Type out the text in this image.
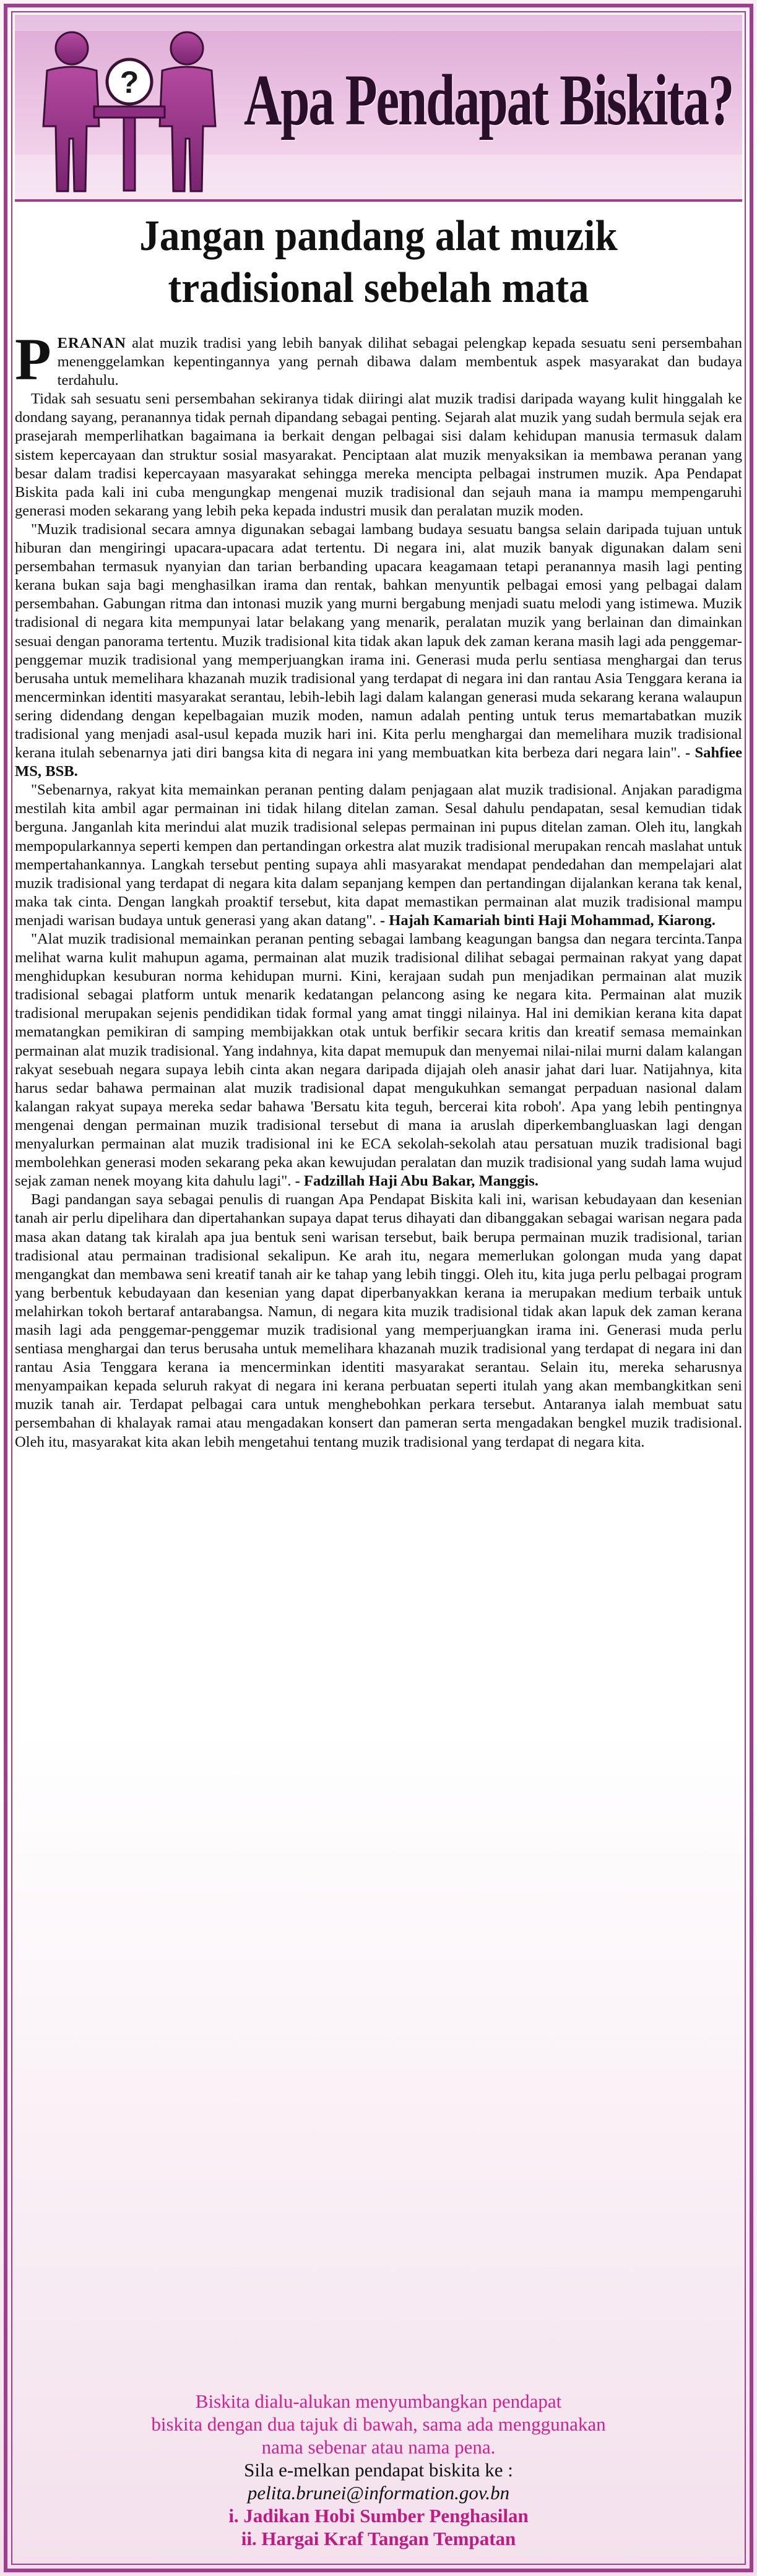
? Apa Pendapat Biskita?
Jangan pandang alat muzik
tradisional sebelah mata

PERANAN alat muzik tradisi yang lebih banyak dilihat sebagai pelengkap kepada sesuatu seni persembahan menenggelamkan kepentingannya yang pernah dibawa dalam membentuk aspek masyarakat dan budaya terdahulu.

Tidak sah sesuatu seni persembahan sekiranya tidak diiringi alat muzik tradisi daripada wayang kulit hinggalah ke dondang sayang, peranannya tidak pernah dipandang sebagai penting. Sejarah alat muzik yang sudah bermula sejak era prasejarah memperlihatkan bagaimana ia berkait dengan pelbagai sisi dalam kehidupan manusia termasuk dalam sistem kepercayaan dan struktur sosial masyarakat. Penciptaan alat muzik menyaksikan ia membawa peranan yang besar dalam tradisi kepercayaan masyarakat sehingga mereka mencipta pelbagai instrumen muzik. Apa Pendapat Biskita pada kali ini cuba mengungkap mengenai muzik tradisional dan sejauh mana ia mampu mempengaruhi generasi moden sekarang yang lebih peka kepada industri musik dan peralatan muzik moden.

"Muzik tradisional secara amnya digunakan sebagai lambang budaya sesuatu bangsa selain daripada tujuan untuk hiburan dan mengiringi upacara-upacara adat tertentu. Di negara ini, alat muzik banyak digunakan dalam seni persembahan termasuk nyanyian dan tarian berbanding upacara keagamaan tetapi peranannya masih lagi penting kerana bukan saja bagi menghasilkan irama dan rentak, bahkan menyuntik pelbagai emosi yang pelbagai dalam persembahan. Gabungan ritma dan intonasi muzik yang murni bergabung menjadi suatu melodi yang istimewa. Muzik tradisional di negara kita mempunyai latar belakang yang menarik, peralatan muzik yang berlainan dan dimainkan sesuai dengan panorama tertentu. Muzik tradisional kita tidak akan lapuk dek zaman kerana masih lagi ada penggemar-penggemar muzik tradisional yang memperjuangkan irama ini. Generasi muda perlu sentiasa menghargai dan terus berusaha untuk memelihara khazanah muzik tradisional yang terdapat di negara ini dan rantau Asia Tenggara kerana ia mencerminkan identiti masyarakat serantau, lebih-lebih lagi dalam kalangan generasi muda sekarang kerana walaupun sering didendang dengan kepelbagaian muzik moden, namun adalah penting untuk terus memartabatkan muzik tradisional yang menjadi asal-usul kepada muzik hari ini. Kita perlu menghargai dan memelihara muzik tradisional kerana itulah sebenarnya jati diri bangsa kita di negara ini yang membuatkan kita berbeza dari negara lain". - Sahfiee MS, BSB.

"Sebenarnya, rakyat kita memainkan peranan penting dalam penjagaan alat muzik tradisional. Anjakan paradigma mestilah kita ambil agar permainan ini tidak hilang ditelan zaman. Sesal dahulu pendapatan, sesal kemudian tidak berguna. Janganlah kita merindui alat muzik tradisional selepas permainan ini pupus ditelan zaman. Oleh itu, langkah mempopularkannya seperti kempen dan pertandingan orkestra alat muzik tradisional merupakan rencah maslahat untuk mempertahankannya. Langkah tersebut penting supaya ahli masyarakat mendapat pendedahan dan mempelajari alat muzik tradisional yang terdapat di negara kita dalam sepanjang kempen dan pertandingan dijalankan kerana tak kenal, maka tak cinta. Dengan langkah proaktif tersebut, kita dapat memastikan permainan alat muzik tradisional mampu menjadi warisan budaya untuk generasi yang akan datang". - Hajah Kamariah binti Haji Mohammad, Kiarong.

"Alat muzik tradisional memainkan peranan penting sebagai lambang keagungan bangsa dan negara tercinta.Tanpa melihat warna kulit mahupun agama, permainan alat muzik tradisional dilihat sebagai permainan rakyat yang dapat menghidupkan kesuburan norma kehidupan murni. Kini, kerajaan sudah pun menjadikan permainan alat muzik tradisional sebagai platform untuk menarik kedatangan pelancong asing ke negara kita. Permainan alat muzik tradisional merupakan sejenis pendidikan tidak formal yang amat tinggi nilainya. Hal ini demikian kerana kita dapat mematangkan pemikiran di samping membijakkan otak untuk berfikir secara kritis dan kreatif semasa memainkan permainan alat muzik tradisional. Yang indahnya, kita dapat memupuk dan menyemai nilai-nilai murni dalam kalangan rakyat sesebuah negara supaya lebih cinta akan negara daripada dijajah oleh anasir jahat dari luar. Natijahnya, kita harus sedar bahawa permainan alat muzik tradisional dapat mengukuhkan semangat perpaduan nasional dalam kalangan rakyat supaya mereka sedar bahawa 'Bersatu kita teguh, bercerai kita roboh'. Apa yang lebih pentingnya mengenai dengan permainan muzik tradisional tersebut di mana ia aruslah diperkembangluaskan lagi dengan menyalurkan permainan alat muzik tradisional ini ke ECA sekolah-sekolah atau persatuan muzik tradisional bagi membolehkan generasi moden sekarang peka akan kewujudan peralatan dan muzik tradisional yang sudah lama wujud sejak zaman nenek moyang kita dahulu lagi". - Fadzillah Haji Abu Bakar, Manggis.

Bagi pandangan saya sebagai penulis di ruangan Apa Pendapat Biskita kali ini, warisan kebudayaan dan kesenian tanah air perlu dipelihara dan dipertahankan supaya dapat terus dihayati dan dibanggakan sebagai warisan negara pada masa akan datang tak kiralah apa jua bentuk seni warisan tersebut, baik berupa permainan muzik tradisional, tarian tradisional atau permainan tradisional sekalipun. Ke arah itu, negara memerlukan golongan muda yang dapat mengangkat dan membawa seni kreatif tanah air ke tahap yang lebih tinggi. Oleh itu, kita juga perlu pelbagai program yang berbentuk kebudayaan dan kesenian yang dapat diperbanyakkan kerana ia merupakan medium terbaik untuk melahirkan tokoh bertaraf antarabangsa. Namun, di negara kita muzik tradisional tidak akan lapuk dek zaman kerana masih lagi ada penggemar-penggemar muzik tradisional yang memperjuangkan irama ini. Generasi muda perlu sentiasa menghargai dan terus berusaha untuk memelihara khazanah muzik tradisional yang terdapat di negara ini dan rantau Asia Tenggara kerana ia mencerminkan identiti masyarakat serantau. Selain itu, mereka seharusnya menyampaikan kepada seluruh rakyat di negara ini kerana perbuatan seperti itulah yang akan membangkitkan seni muzik tanah air. Terdapat pelbagai cara untuk menghebohkan perkara tersebut. Antaranya ialah membuat satu persembahan di khalayak ramai atau mengadakan konsert dan pameran serta mengadakan bengkel muzik tradisional. Oleh itu, masyarakat kita akan lebih mengetahui tentang muzik tradisional yang terdapat di negara kita.

Biskita dialu-alukan menyumbangkan pendapat
biskita dengan dua tajuk di bawah, sama ada menggunakan
nama sebenar atau nama pena.
Sila e-melkan pendapat biskita ke :
pelita.brunei@information.gov.bn
i. Jadikan Hobi Sumber Penghasilan
ii. Hargai Kraf Tangan Tempatan
